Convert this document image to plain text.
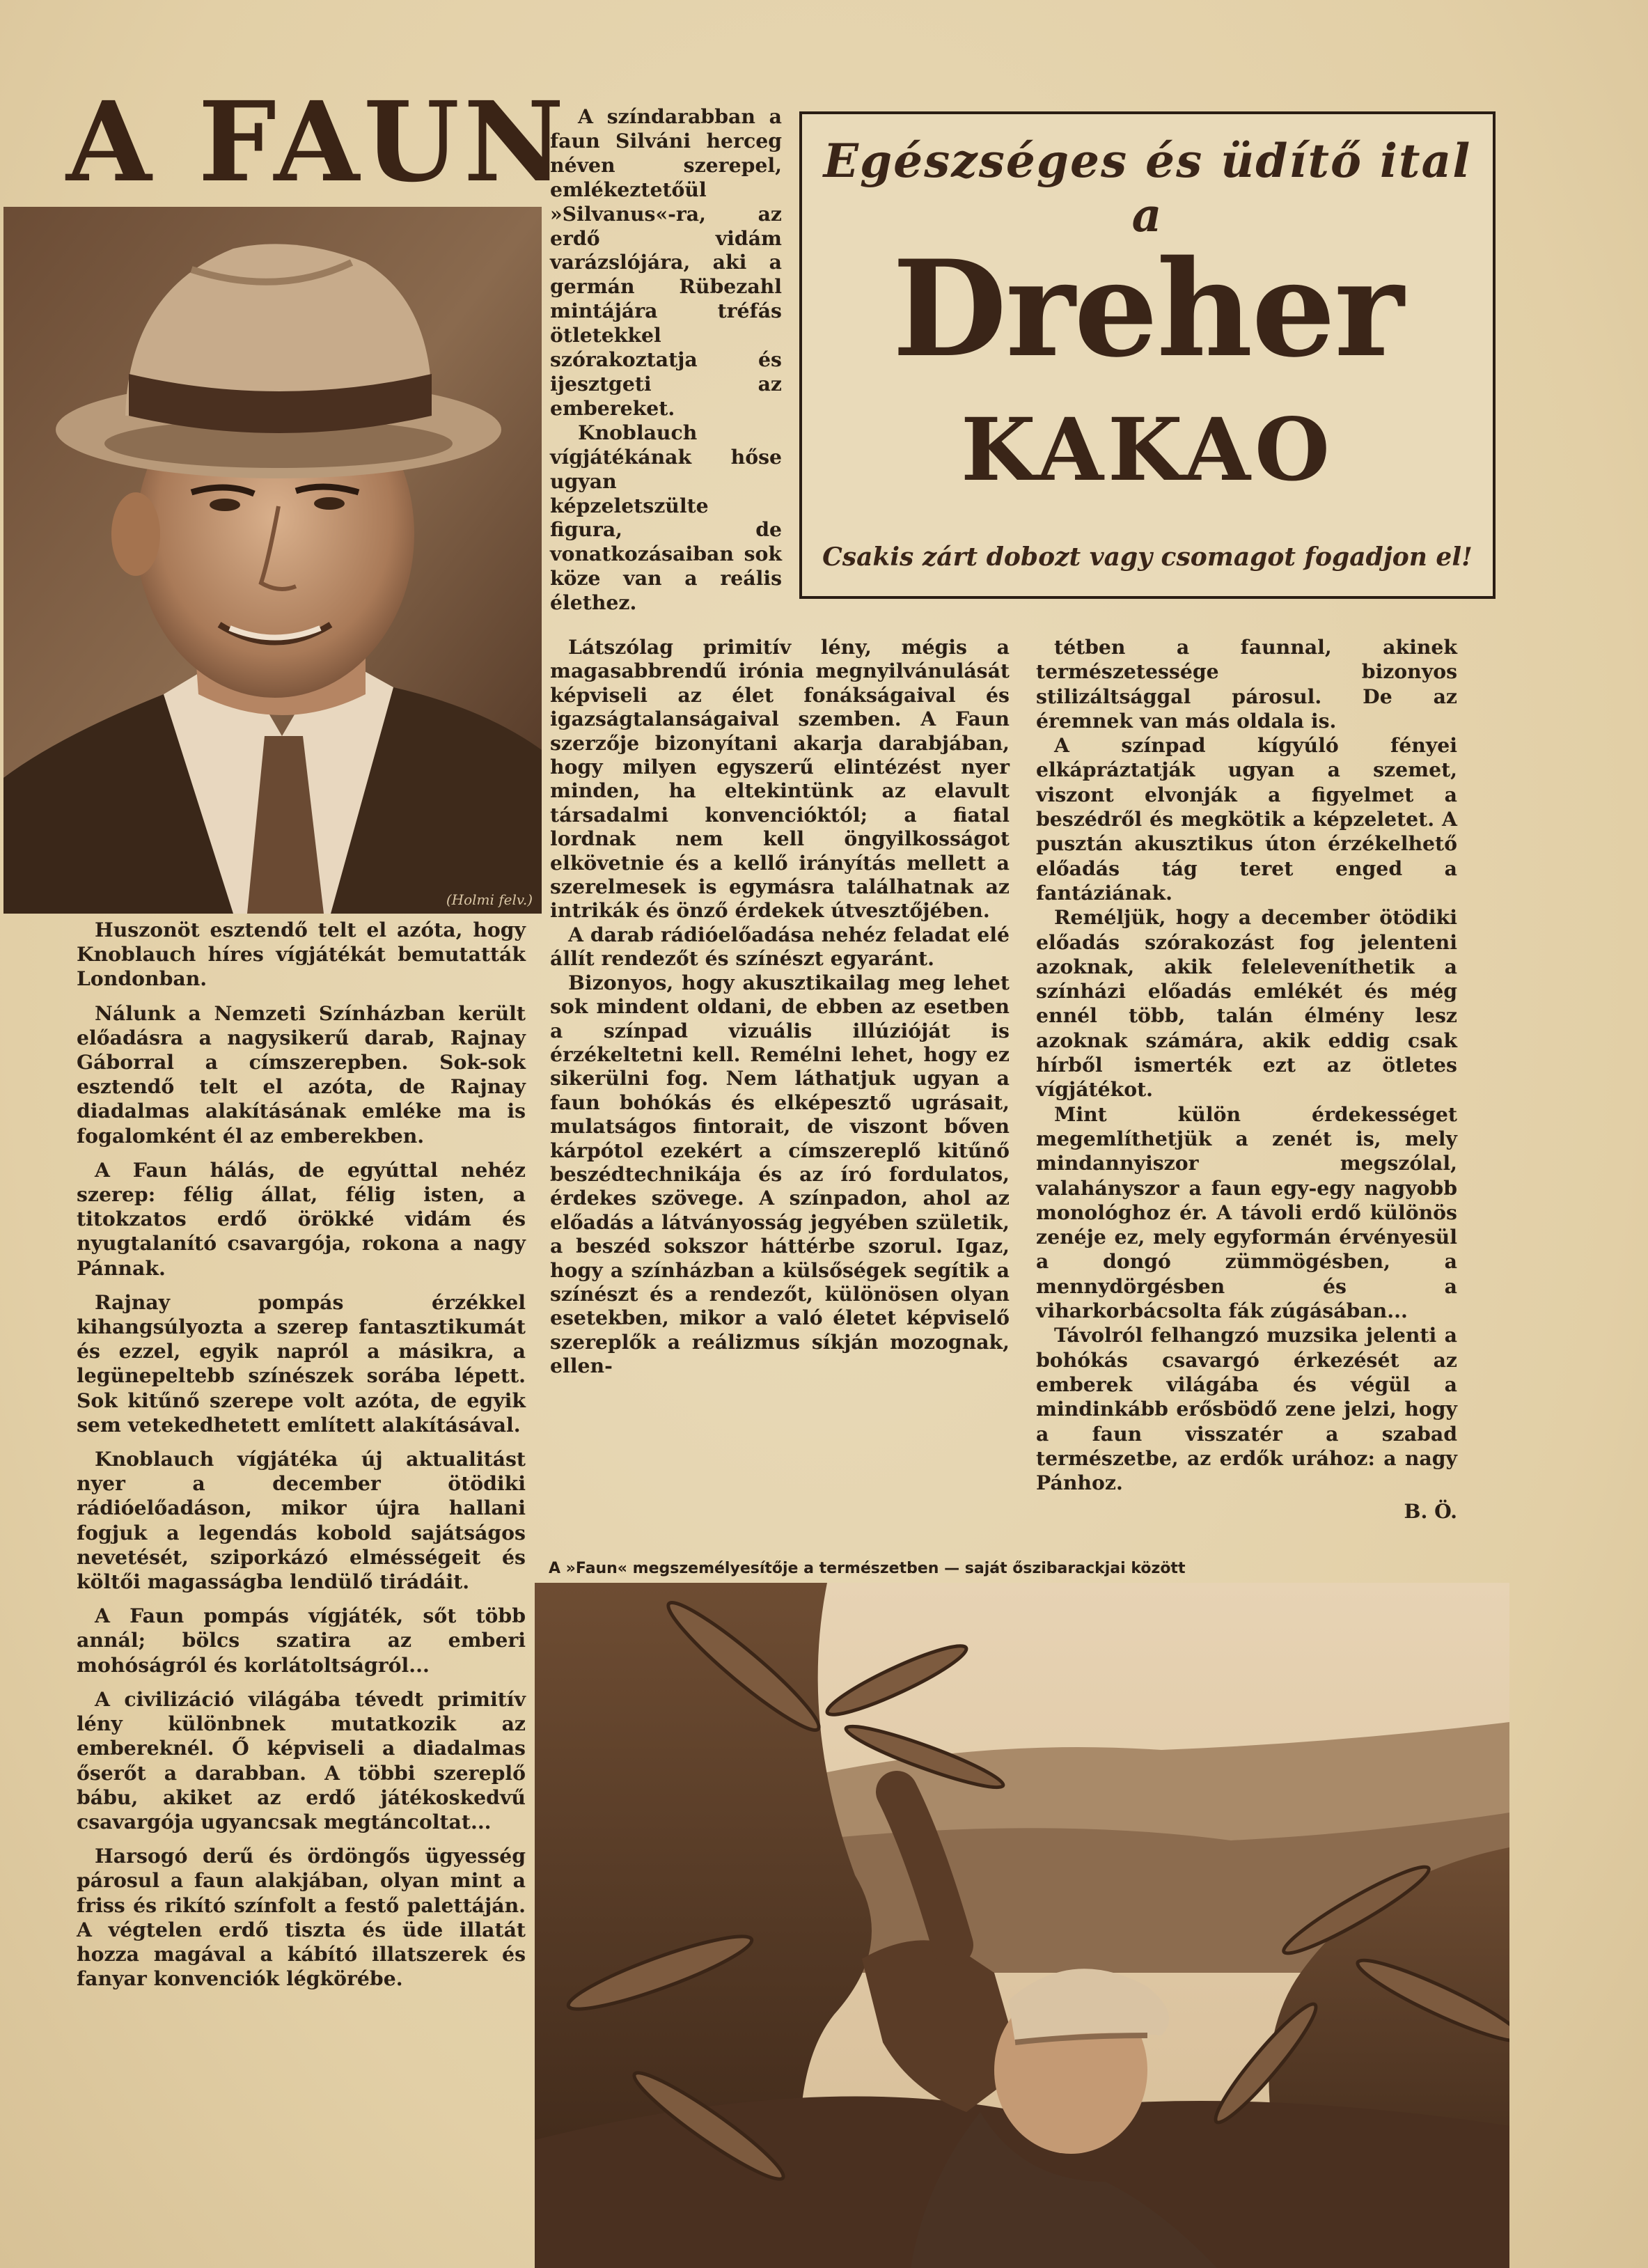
A FAUN
(Holmi felv.)

Huszonöt esztendő telt el azóta, hogy Knoblauch híres vígjátékát bemutatták Londonban.

Nálunk a Nemzeti Színházban került előadásra a nagysikerű darab, Rajnay Gáborral a címszerepben. Sok-sok esztendő telt el azóta, de Rajnay diadalmas alakításának emléke ma is fogalomként él az emberekben.

A Faun hálás, de egyúttal nehéz szerep: félig állat, félig isten, a titokzatos erdő örökké vidám és nyugtalanító csavargója, rokona a nagy Pánnak.

Rajnay pompás érzékkel kihangsúlyozta a szerep fantasztikumát és ezzel, egyik napról a másikra, a legünepeltebb színészek sorába lépett. Sok kitűnő szerepe volt azóta, de egyik sem vetekedhetett említett alakításával.

Knoblauch vígjátéka új aktualitást nyer a december ötödiki rádióelőadáson, mikor újra hallani fogjuk a legendás kobold sajátságos nevetését, sziporkázó elmésségeit és költői magasságba lendülő tirádáit.

A Faun pompás vígjáték, sőt több annál; bölcs szatira az emberi mohóságról és korlátoltságról...

A civilizáció világába tévedt primitív lény különbnek mutatkozik az embereknél. Ő képviseli a diadalmas őserőt a darabban. A többi szereplő bábu, akiket az erdő játékoskedvű csavargója ugyancsak megtáncoltat...

Harsogó derű és ördöngős ügyesség párosul a faun alakjában, olyan mint a friss és rikító színfolt a festő palettáján. A végtelen erdő tiszta és üde illatát hozza magával a kábító illatszerek és fanyar konvenciók légkörébe.

A színdarabban a faun Silváni herceg néven szerepel, emlékeztetőül »Silvanus«-ra, az erdő vidám varázslójára, aki a germán Rübezahl mintájára tréfás ötletekkel szórakoztatja és ijesztgeti az embereket.

Knoblauch vígjátékának hőse ugyan képzeletszülte figura, de vonatkozásaiban sok köze van a reális élethez.

Látszólag primitív lény, mégis a magasabbrendű irónia megnyilvánulását képviseli az élet fonákságaival és igazságtalanságaival szemben. A Faun szerzője bizonyítani akarja darabjában, hogy milyen egyszerű elintézést nyer minden, ha eltekintünk az elavult társadalmi konvencióktól; a fiatal lordnak nem kell öngyilkosságot elkövetnie és a kellő irányítás mellett a szerelmesek is egymásra találhatnak az intrikák és önző érdekek útvesztőjében.

A darab rádióelőadása nehéz feladat elé állít rendezőt és színészt egyaránt.

Bizonyos, hogy akusztikailag meg lehet sok mindent oldani, de ebben az esetben a színpad vizuális illúzióját is érzékeltetni kell. Remélni lehet, hogy ez sikerülni fog. Nem láthatjuk ugyan a faun bohókás és elképesztő ugrásait, mulatságos fintorait, de viszont bőven kárpótol ezekért a címszereplő kitűnő beszédtechnikája és az író fordulatos, érdekes szövege. A színpadon, ahol az előadás a látványosság jegyében születik, a beszéd sokszor háttérbe szorul. Igaz, hogy a színházban a külsőségek segítik a színészt és a rendezőt, különösen olyan esetekben, mikor a való életet képviselő szereplők a reálizmus síkján mozognak, ellen-

tétben a faunnal, akinek természetessége bizonyos stilizáltsággal párosul. De az éremnek van más oldala is.

A színpad kígyúló fényei elkápráztatják ugyan a szemet, viszont elvonják a figyelmet a beszédről és megkötik a képzeletet. A pusztán akusztikus úton érzékelhető előadás tág teret enged a fantáziának.

Reméljük, hogy a december ötödiki előadás szórakozást fog jelenteni azoknak, akik feleleveníthetik a színházi előadás emlékét és még ennél több, talán élmény lesz azoknak számára, akik eddig csak hírből ismerték ezt az ötletes vígjátékot.

Mint külön érdekességet megemlíthetjük a zenét is, mely mindannyiszor megszólal, valahányszor a faun egy-egy nagyobb monológhoz ér. A távoli erdő különös zenéje ez, mely egyformán érvényesül a dongó zümmögésben, a mennydörgésben és a viharkorbácsolta fák zúgásában...

Távolról felhangzó muzsika jelenti a bohókás csavargó érkezését az emberek világába és végül a mindinkább erősbödő zene jelzi, hogy a faun visszatér a szabad természetbe, az erdők urához: a nagy Pánhoz.

B. Ö.

Egészséges és üdítő ital a
Dreher
KAKAO
Csakis zárt dobozt vagy csomagot fogadjon el!
A »Faun« megszemélyesítője a természetben — saját őszibarackjai között
